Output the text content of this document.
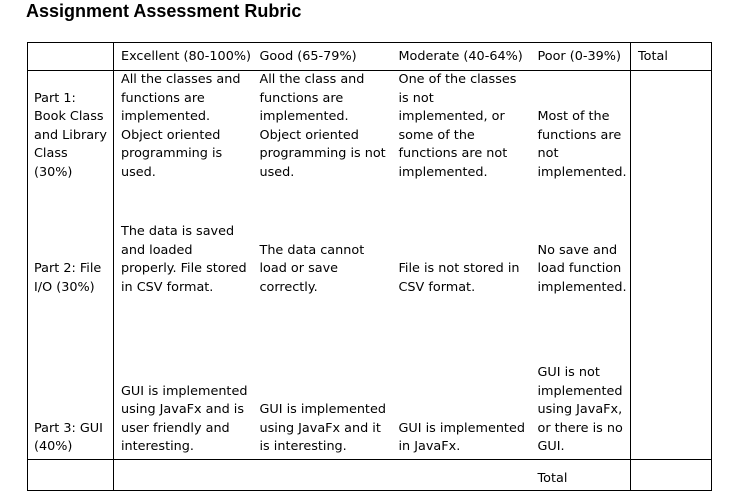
Assignment Assessment Rubric
	Excellent (80-100%)	Good (65-79%)	Moderate (40-64%)	Poor (0-39%)	Total

Part 1: Book Class and Library Class (30%)	All the classes and functions are implemented. Object oriented programming is used.	All the class and functions are implemented. Object oriented programming is not used.	One of the classes is not implemented, or some of the functions are not implemented.	Most of the functions are not implemented.	

Part 2: File I/O (30%)	The data is saved and loaded properly. File stored in CSV format.	The data cannot load or save correctly.	File is not stored in CSV format.	No save and load function implemented.	

Part 3: GUI (40%)	GUI is implemented using JavaFx and is user friendly and interesting.	GUI is implemented using JavaFx and it is interesting.	GUI is implemented in JavaFx.	GUI is not implemented using JavaFx, or there is no GUI.	

				Total	
